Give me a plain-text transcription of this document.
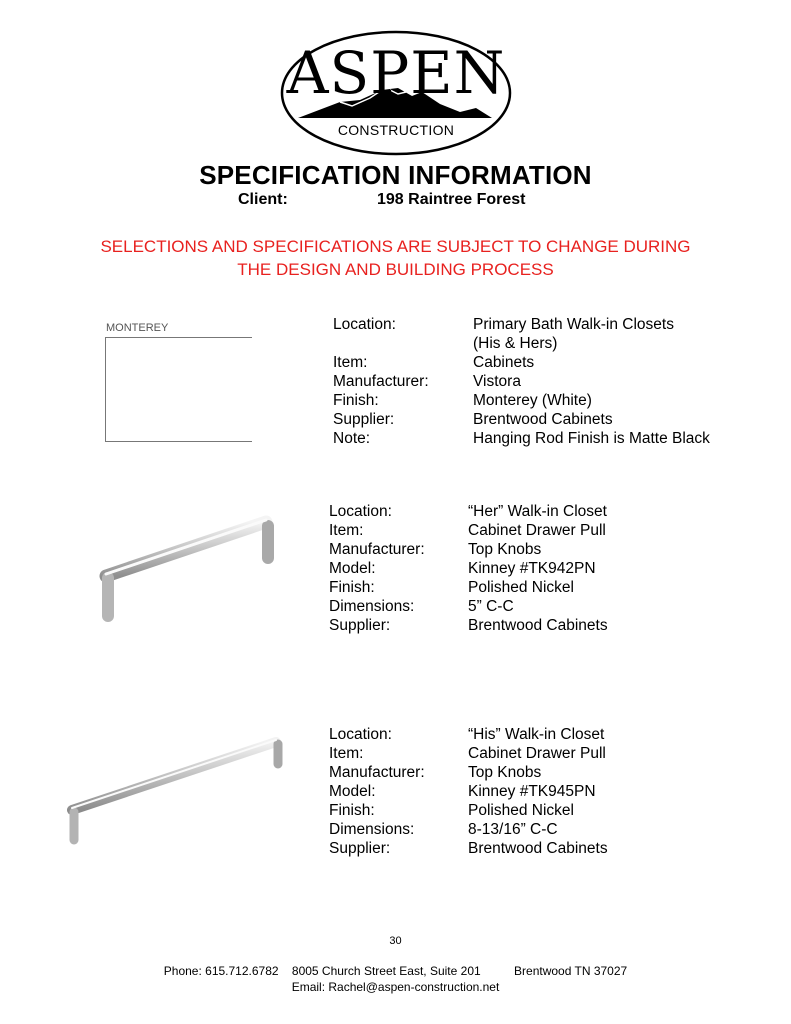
ASPEN
CONSTRUCTION
SPECIFICATION INFORMATION
Client:	198 Raintree Forest
SELECTIONS AND SPECIFICATIONS ARE SUBJECT TO CHANGE DURING
THE DESIGN AND BUILDING PROCESS
MONTEREY	Location:	Primary Bath Walk-in Closets
(His & Hers)
Item:	Cabinets
Manufacturer:	Vistora
Finish:	Monterey (White)
Supplier:	Brentwood Cabinets
Note:	Hanging Rod Finish is Matte Black
Location:	“Her” Walk-in Closet
Item:	Cabinet Drawer Pull
Manufacturer:	Top Knobs
Model:	Kinney #TK942PN
Finish:	Polished Nickel
Dimensions:	5” C-C
Supplier:	Brentwood Cabinets
Location:	“His” Walk-in Closet
Item:	Cabinet Drawer Pull
Manufacturer:	Top Knobs
Model:	Kinney #TK945PN
Finish:	Polished Nickel
Dimensions:	8-13/16” C-C
Supplier:	Brentwood Cabinets
30
Phone: 615.712.6782    8005 Church Street East, Suite 201          Brentwood TN 37027
Email: Rachel@aspen-construction.net
